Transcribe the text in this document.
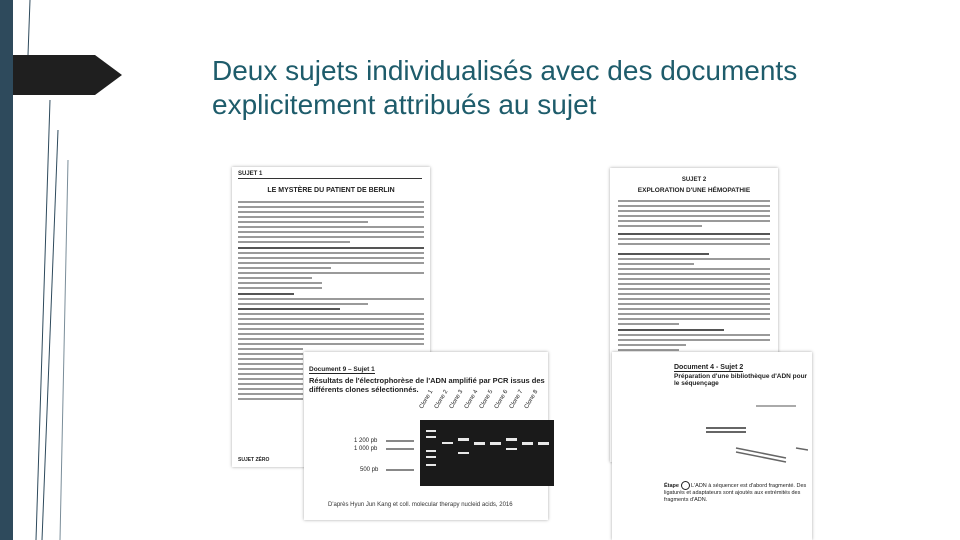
Deux sujets individualisés avec des documents
explicitement attribués au sujet
SUJET 1
LE MYSTÈRE DU PATIENT DE BERLIN
SUJET ZÉRO
SUJET 2
EXPLORATION D'UNE HÉMOPATHIE
Document 9 – Sujet 1
Résultats de l'électrophorèse de l'ADN amplifié par PCR issus des différents clones sélectionnés. Clone 1 Clone 2 Clone 3 Clone 4 Clone 5 Clone 6 Clone 7 Clone 8
1 200 pb
1 000 pb
500 pb
D'après Hyun Jun Kang et coll. molecular therapy nucleid acids, 2016
Document 4 - Sujet 2
Préparation d'une bibliothèque d'ADN pour le séquençage
Étape L'ADN à séquencer est d'abord fragmenté. Des ligaturés et adaptateurs sont ajoutés aux extrémités des fragments d'ADN.
